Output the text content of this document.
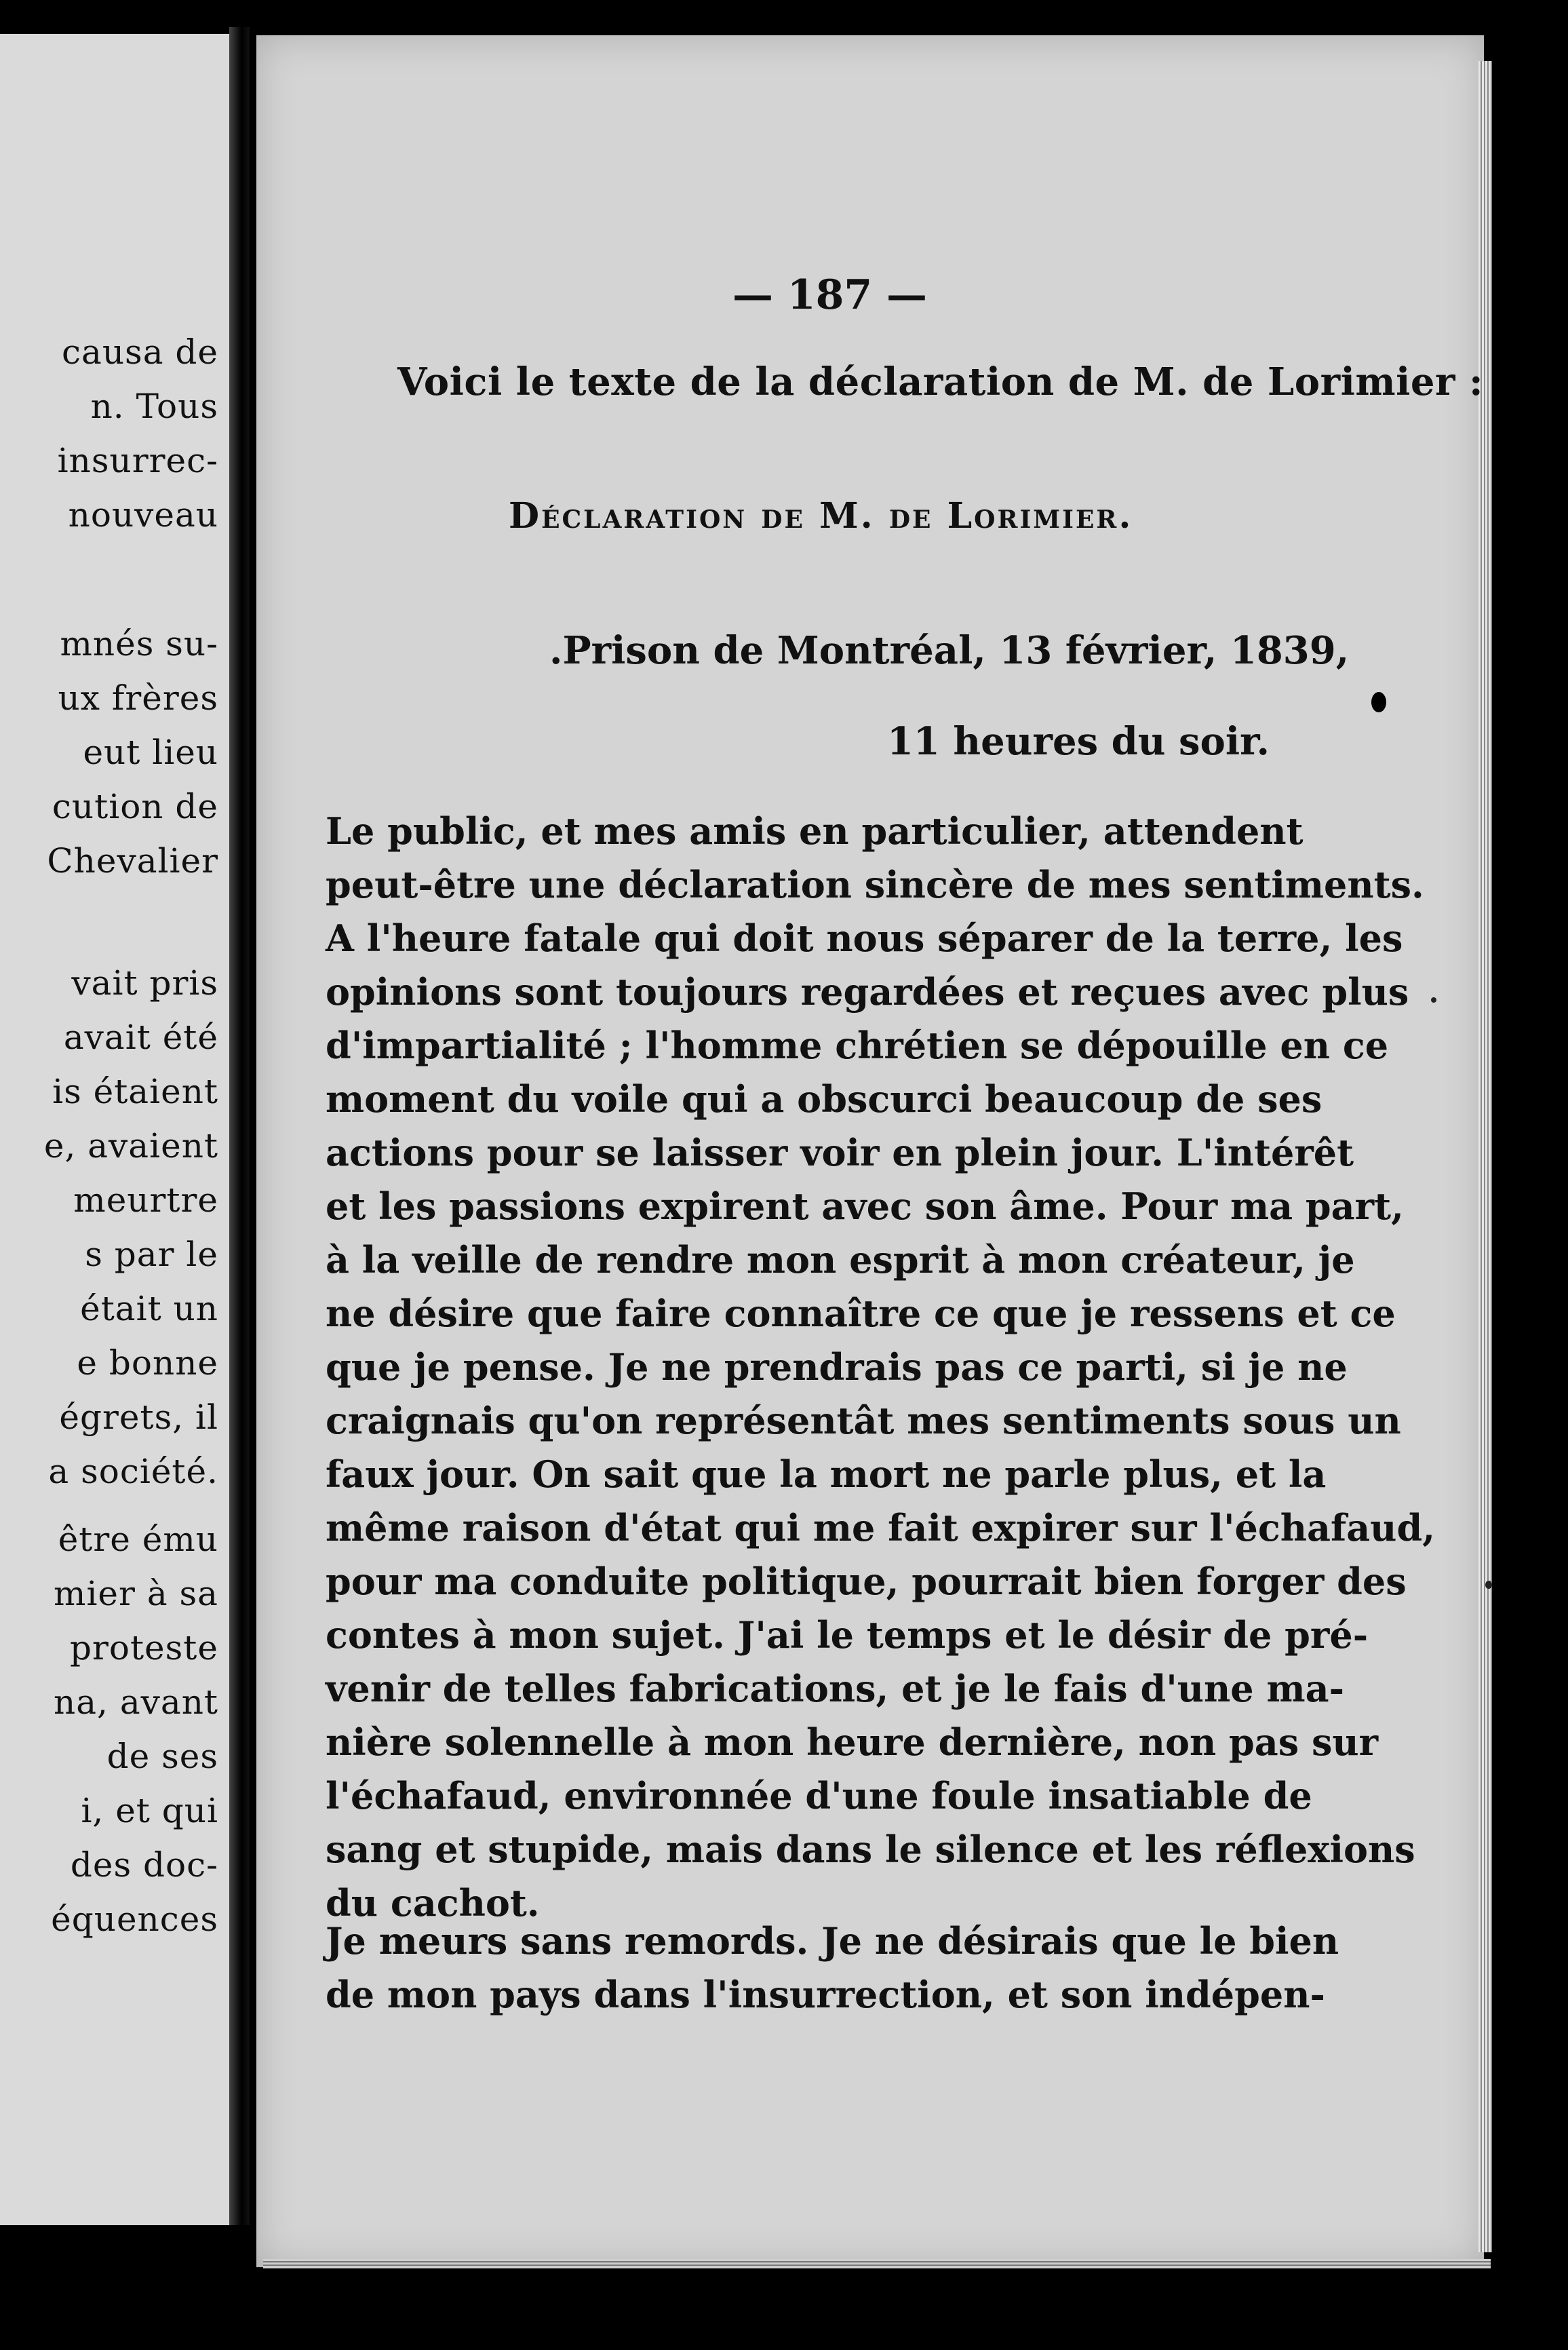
causa de
n. Tous
insurrec-
nouveau
mnés su-
ux frères
eut lieu
cution de
Chevalier
vait pris
avait été
is étaient
e, avaient
meurtre
s par le
était un
e bonne
égrets, il
a société.
être ému
mier à sa
proteste
na, avant
de ses
i, et qui
des doc-
équences
— 187 —
Voici le texte de la déclaration de M. de Lorimier :
Déclaration de M. de Lorimier.
.Prison de Montréal, 13 février, 1839,
11 heures du soir.
Le public, et mes amis en particulier, attendent
peut-être une déclaration sincère de mes sentiments.
A l'heure fatale qui doit nous séparer de la terre, les
opinions sont toujours regardées et reçues avec plus
d'impartialité ; l'homme chrétien se dépouille en ce
moment du voile qui a obscurci beaucoup de ses
actions pour se laisser voir en plein jour. L'intérêt
et les passions expirent avec son âme. Pour ma part,
à la veille de rendre mon esprit à mon créateur, je
ne désire que faire connaître ce que je ressens et ce
que je pense. Je ne prendrais pas ce parti, si je ne
craignais qu'on représentât mes sentiments sous un
faux jour. On sait que la mort ne parle plus, et la
même raison d'état qui me fait expirer sur l'échafaud,
pour ma conduite politique, pourrait bien forger des
contes à mon sujet. J'ai le temps et le désir de pré-
venir de telles fabrications, et je le fais d'une ma-
nière solennelle à mon heure dernière, non pas sur
l'échafaud, environnée d'une foule insatiable de
sang et stupide, mais dans le silence et les réflexions
du cachot.
Je meurs sans remords. Je ne désirais que le bien
de mon pays dans l'insurrection, et son indépen-
